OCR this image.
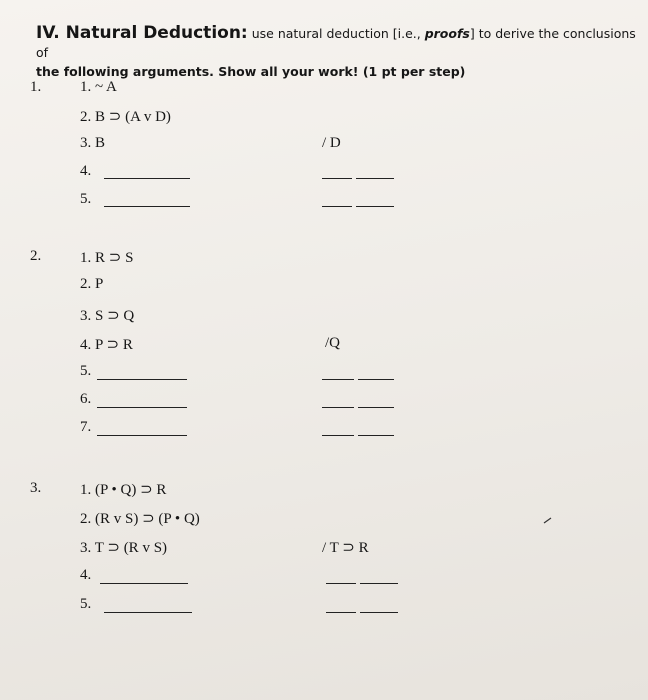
IV. Natural Deduction: use natural deduction [i.e., proofs] to derive the conclusions of
the following arguments. Show all your work! (1 pt per step)
1.	1. ~ A
2. B ⊃ (A v D)
3. B
4.
5.
/ D
2.	1. R ⊃ S
2. P
3. S ⊃ Q
4. P ⊃ R
5.
6.
7.
/Q
3.	1. (P • Q) ⊃ R
2. (R v S) ⊃ (P • Q)
3. T ⊃ (R v S)
4.
5.
/ T ⊃ R
